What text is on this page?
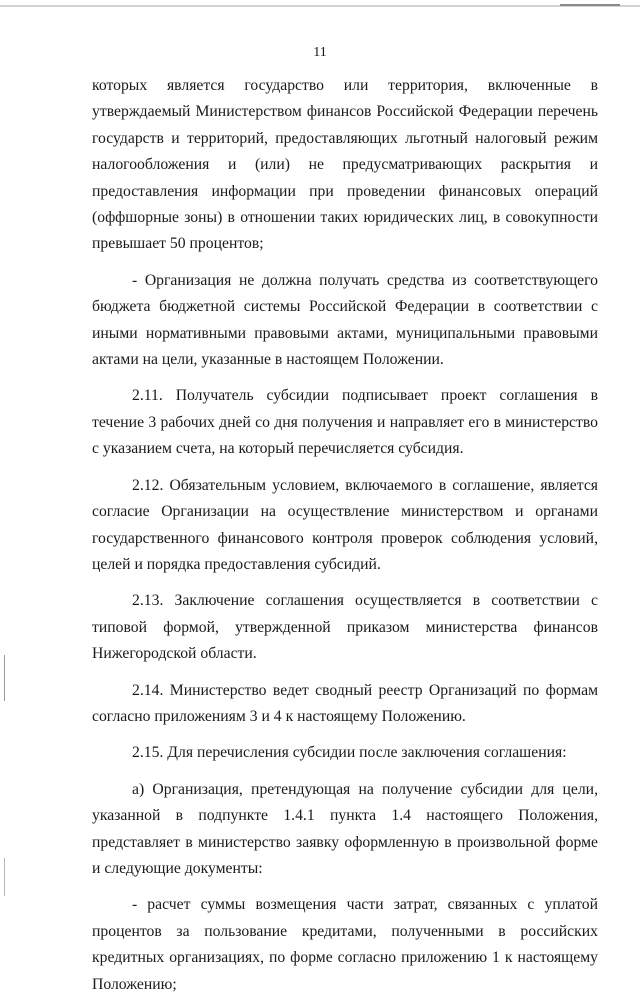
11

которых является государство или территория, включенные в утверждаемый Министерством финансов Российской Федерации перечень государств и территорий, предоставляющих льготный налоговый режим налогообложения и (или) не предусматривающих раскрытия и предоставления информации при проведении финансовых операций (оффшорные зоны) в отношении таких юридических лиц, в совокупности превышает 50 процентов;

- Организация не должна получать средства из соответствующего бюджета бюджетной системы Российской Федерации в соответствии с иными нормативными правовыми актами, муниципальными правовыми актами на цели, указанные в настоящем Положении.

2.11. Получатель субсидии подписывает проект соглашения в течение 3 рабочих дней со дня получения и направляет его в министерство с указанием счета, на который перечисляется субсидия.

2.12. Обязательным условием, включаемого в соглашение, является согласие Организации на осуществление министерством и органами государственного финансового контроля проверок соблюдения условий, целей и порядка предоставления субсидий.

2.13. Заключение соглашения осуществляется в соответствии с типовой формой, утвержденной приказом министерства финансов Нижегородской области.

2.14. Министерство ведет сводный реестр Организаций по формам согласно приложениям 3 и 4 к настоящему Положению.

2.15. Для перечисления субсидии после заключения соглашения:

а) Организация, претендующая на получение субсидии для цели, указанной в подпункте 1.4.1 пункта 1.4 настоящего Положения, представляет в министерство заявку оформленную в произвольной форме и следующие документы:

- расчет суммы возмещения части затрат, связанных с уплатой процентов за пользование кредитами, полученными в российских кредитных организациях, по форме согласно приложению 1 к настоящему Положению;
